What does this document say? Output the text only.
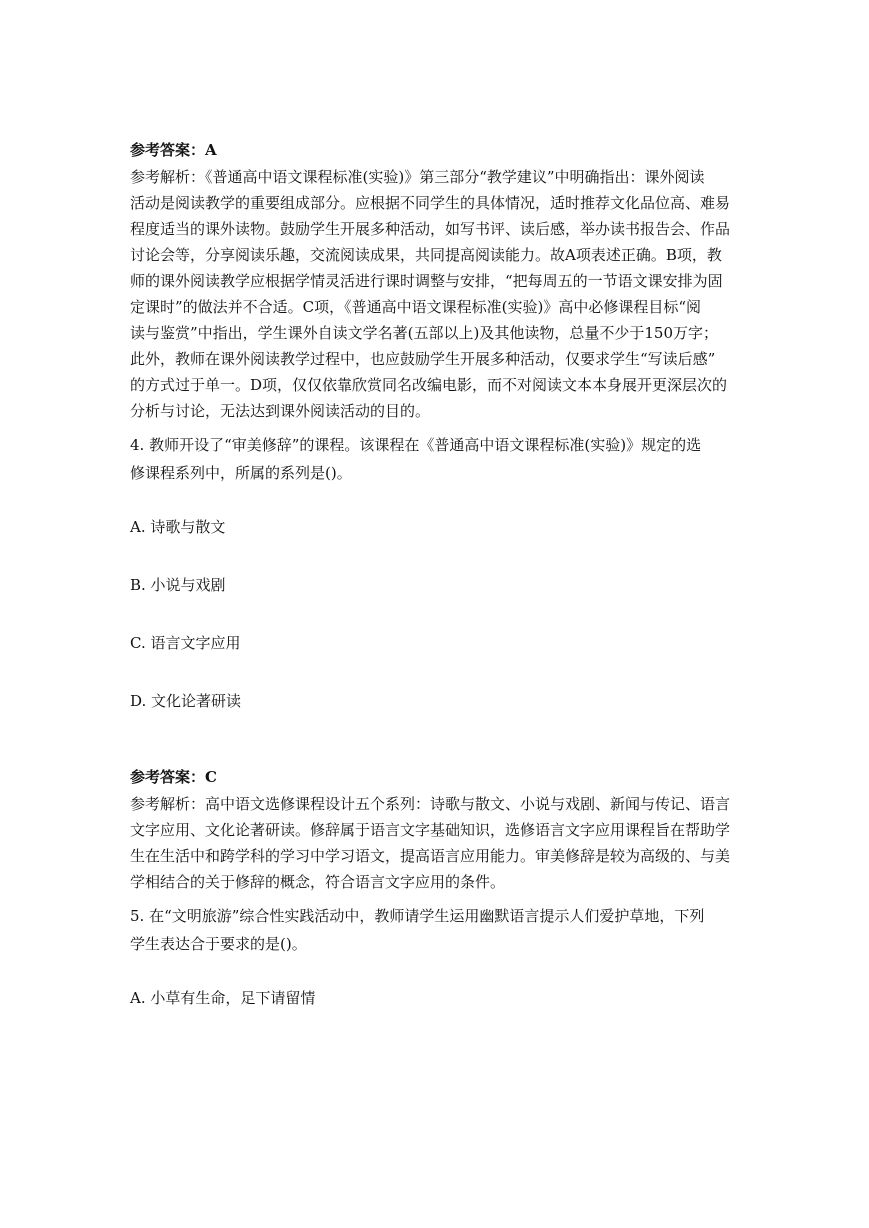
参考答案：A

参考解析：《普通高中语文课程标准(实验)》第三部分“教学建议”中明确指出：课外阅读
活动是阅读教学的重要组成部分。应根据不同学生的具体情况，适时推荐文化品位高、难易
程度适当的课外读物。鼓励学生开展多种活动，如写书评、读后感，举办读书报告会、作品
讨论会等，分享阅读乐趣，交流阅读成果，共同提高阅读能力。故A项表述正确。B项，教
师的课外阅读教学应根据学情灵活进行课时调整与安排，“把每周五的一节语文课安排为固
定课时”的做法并不合适。C项，《普通高中语文课程标准(实验)》高中必修课程目标“阅
读与鉴赏”中指出，学生课外自读文学名著(五部以上)及其他读物，总量不少于150万字；
此外，教师在课外阅读教学过程中，也应鼓励学生开展多种活动，仅要求学生“写读后感”
的方式过于单一。D项，仅仅依靠欣赏同名改编电影，而不对阅读文本本身展开更深层次的
分析与讨论，无法达到课外阅读活动的目的。
4. 教师开设了“审美修辞”的课程。该课程在《普通高中语文课程标准(实验)》规定的选
修课程系列中，所属的系列是()。

A. 诗歌与散文

B. 小说与戏剧

C. 语言文字应用

D. 文化论著研读

参考答案：C

参考解析：高中语文选修课程设计五个系列：诗歌与散文、小说与戏剧、新闻与传记、语言
文字应用、文化论著研读。修辞属于语言文字基础知识，选修语言文字应用课程旨在帮助学
生在生活中和跨学科的学习中学习语文，提高语言应用能力。审美修辞是较为高级的、与美
学相结合的关于修辞的概念，符合语言文字应用的条件。
5. 在“文明旅游”综合性实践活动中，教师请学生运用幽默语言提示人们爱护草地，下列
学生表达合于要求的是()。

A. 小草有生命，足下请留情
